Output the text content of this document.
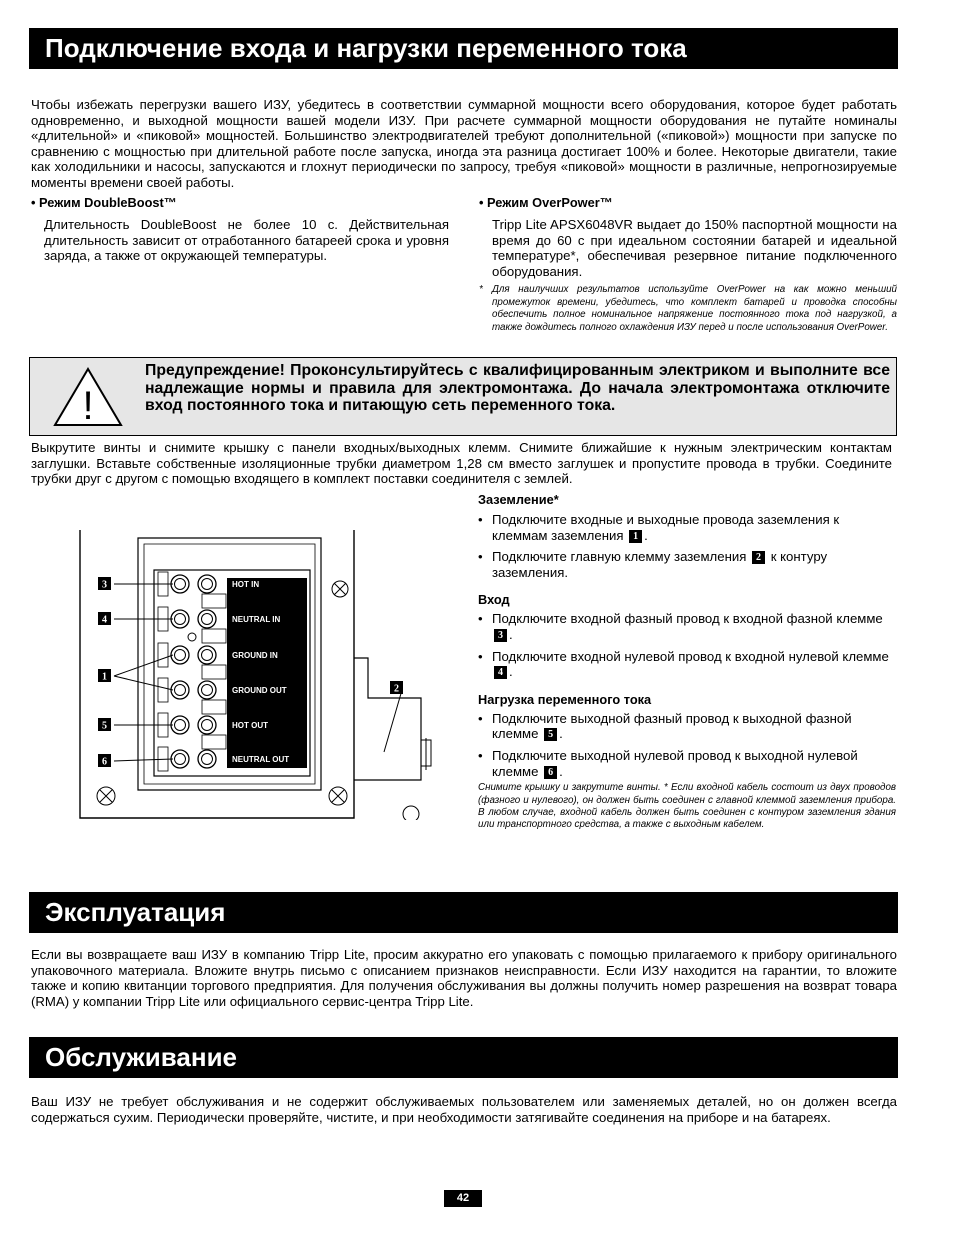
Подключение входа и нагрузки переменного тока
Чтобы избежать перегрузки вашего ИЗУ, убедитесь в соответствии суммарной мощности всего оборудования, которое будет работать одновременно, и выходной мощности вашей модели ИЗУ. При расчете суммарной мощности оборудования не путайте номиналы «длительной» и «пиковой» мощностей. Большинство электродвигателей требуют дополнительной («пиковой») мощности при запуске по сравнению с мощностью при длительной работе после запуска, иногда эта разница достигает 100% и более. Некоторые двигатели, такие как холодильники и насосы, запускаются и глохнут периодически по запросу, требуя «пиковой» мощности в различные, непрогнозируемые моменты времени своей работы.
• Режим DoubleBoost™
Длительность DoubleBoost не более 10 с. Действительная длительность зависит от отработанного батареей срока и уровня заряда, а также от окружающей температуры.
• Режим OverPower™
Tripp Lite APSX6048VR выдает до 150% паспортной мощности на время до 60 с при идеальном состоянии батарей и идеальной температуре*, обеспечивая резервное питание подключенного оборудования.
* Для наилучших результатов используйте OverPower на как можно меньший промежуток времени, убедитесь, что комплект батарей и проводка способны обеспечить полное номинальное напряжение постоянного тока под нагрузкой, а также дождитесь полного охлаждения ИЗУ перед и после использования OverPower.
!
Предупреждение! Проконсультируйтесь с квалифицированным электриком и выполните все надлежащие нормы и правила для электромонтажа. До начала электромонтажа отключите вход постоянного тока и питающую сеть переменного тока.
Выкрутите винты и снимите крышку с панели входных/выходных клемм. Снимите ближайшие к нужным электрическим контактам заглушки. Вставьте собственные изоляционные трубки диаметром 1,28 см вместо заглушек и пропустите провода в трубки. Соедините трубки друг с другом с помощью входящего в комплект поставки соединителя с землей.
HOT IN
NEUTRAL IN
GROUND IN
GROUND OUT
HOT OUT
NEUTRAL OUT
3
4
1
5
6
2
Заземление*
• Подключите входные и выходные провода заземления к клеммам заземления 1 .
• Подключите главную клемму заземления 2 к контуру заземления.
Вход
• Подключите входной фазный провод к входной фазной клемме 3 .
• Подключите входной нулевой провод к входной нулевой клемме 4 .
Нагрузка переменного тока
• Подключите выходной фазный провод к выходной фазной клемме 5 .
• Подключите выходной нулевой провод к выходной нулевой клемме 6 .
Снимите крышку и закрутите винты. * Если входной кабель состоит из двух проводов (фазного и нулевого), он должен быть соединен с главной клеммой заземления прибора. В любом случае, входной кабель должен быть соединен с контуром заземления здания или транспортного средства, а также с выходным кабелем.
Эксплуатация
Если вы возвращаете ваш ИЗУ в компанию Tripp Lite, просим аккуратно его упаковать с помощью прилагаемого к прибору оригинального упаковочного материала. Вложите внутрь письмо с описанием признаков неисправности. Если ИЗУ находится на гарантии, то вложите также и копию квитанции торгового предприятия. Для получения обслуживания вы должны получить номер разрешения на возврат товара (RMA) у компании Tripp Lite или официального сервис-центра Tripp Lite.
Обслуживание
Ваш ИЗУ не требует обслуживания и не содержит обслуживаемых пользователем или заменяемых деталей, но он должен всегда содержаться сухим. Периодически проверяйте, чистите, и при необходимости затягивайте соединения на приборе и на батареях.
42
